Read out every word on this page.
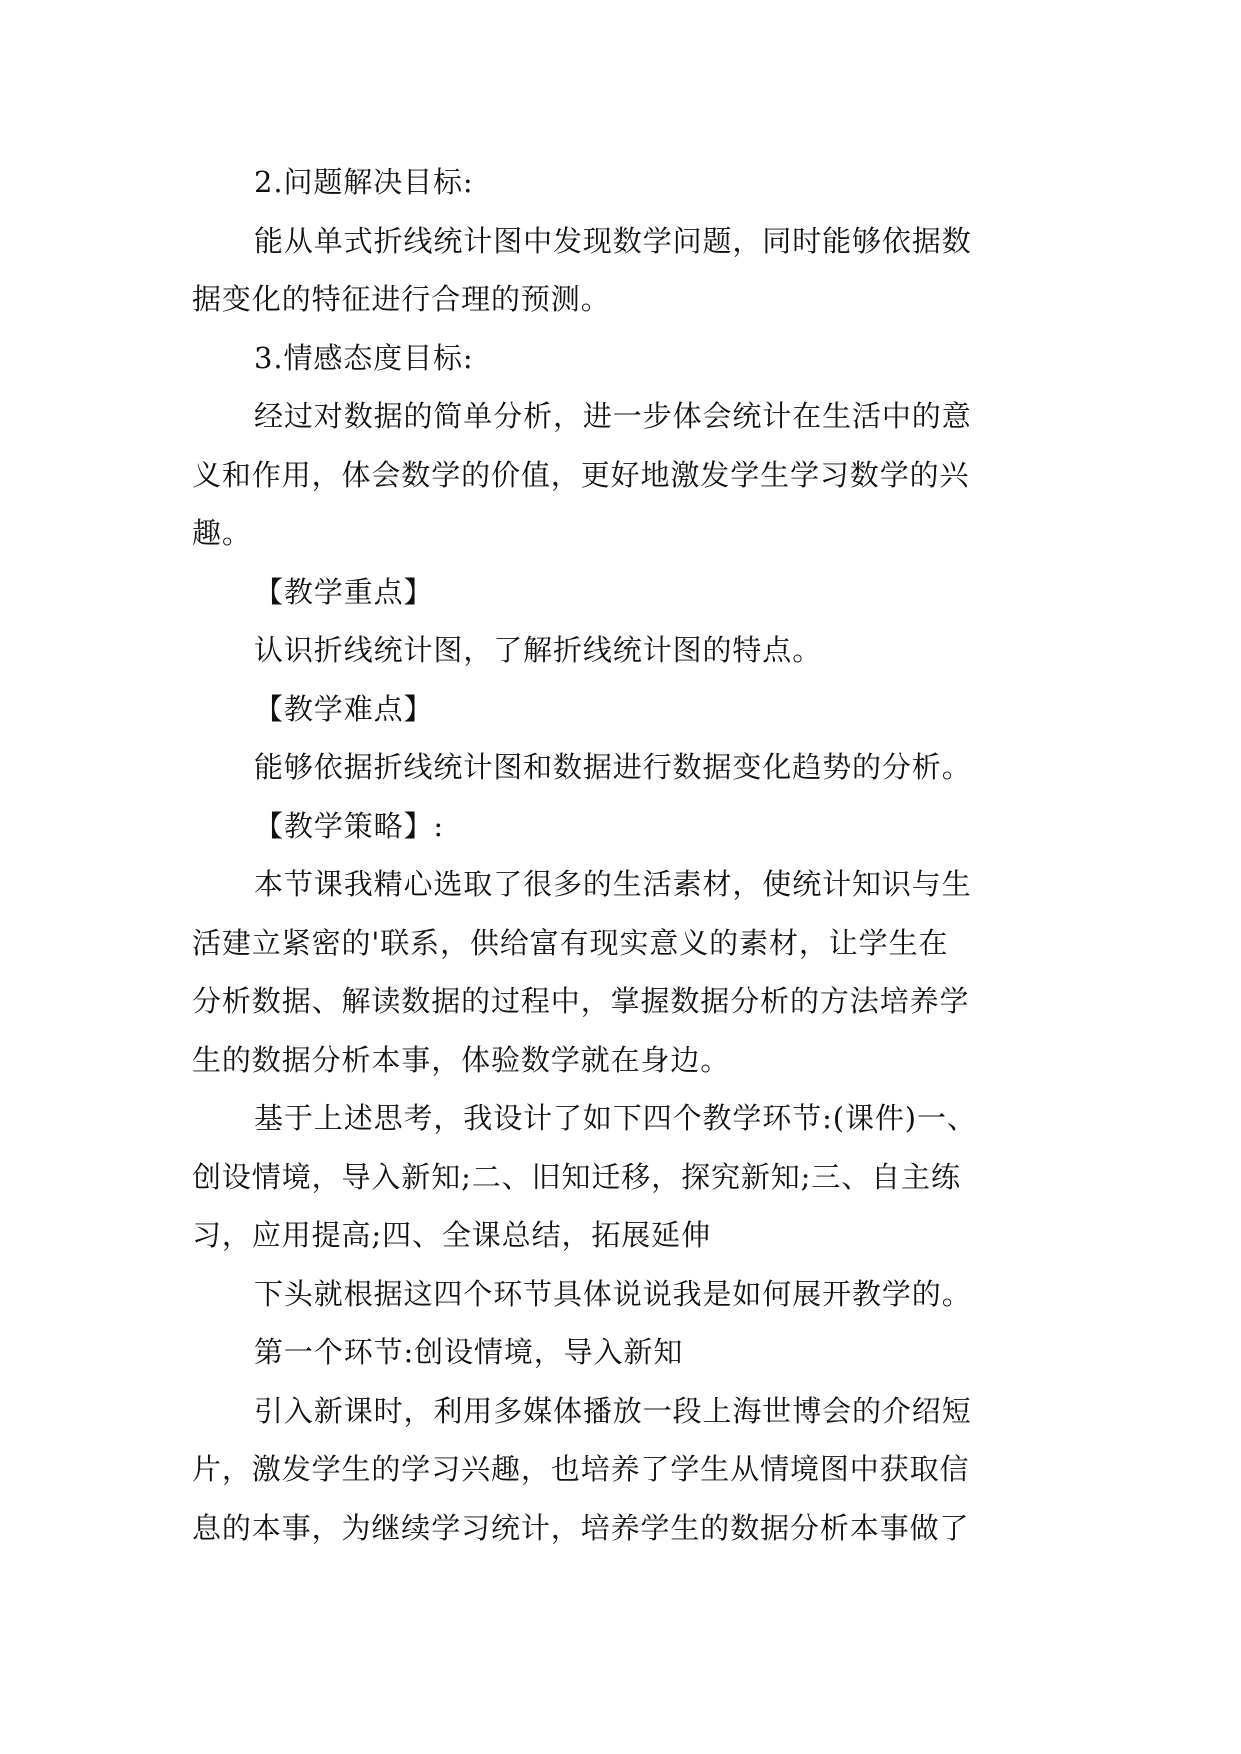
2.问题解决目标:
能从单式折线统计图中发现数学问题，同时能够依据数
据变化的特征进行合理的预测。
3.情感态度目标:
经过对数据的简单分析，进一步体会统计在生活中的意
义和作用，体会数学的价值，更好地激发学生学习数学的兴
趣。
【教学重点】
认识折线统计图，了解折线统计图的特点。
【教学难点】
能够依据折线统计图和数据进行数据变化趋势的分析。
【教学策略】:
本节课我精心选取了很多的生活素材，使统计知识与生
活建立紧密的'联系，供给富有现实意义的素材，让学生在
分析数据、解读数据的过程中，掌握数据分析的方法培养学
生的数据分析本事，体验数学就在身边。
基于上述思考，我设计了如下四个教学环节:(课件)一、
创设情境，导入新知;二、旧知迁移，探究新知;三、自主练
习，应用提高;四、全课总结，拓展延伸
下头就根据这四个环节具体说说我是如何展开教学的。
第一个环节:创设情境，导入新知
引入新课时，利用多媒体播放一段上海世博会的介绍短
片，激发学生的学习兴趣，也培养了学生从情境图中获取信
息的本事，为继续学习统计，培养学生的数据分析本事做了
